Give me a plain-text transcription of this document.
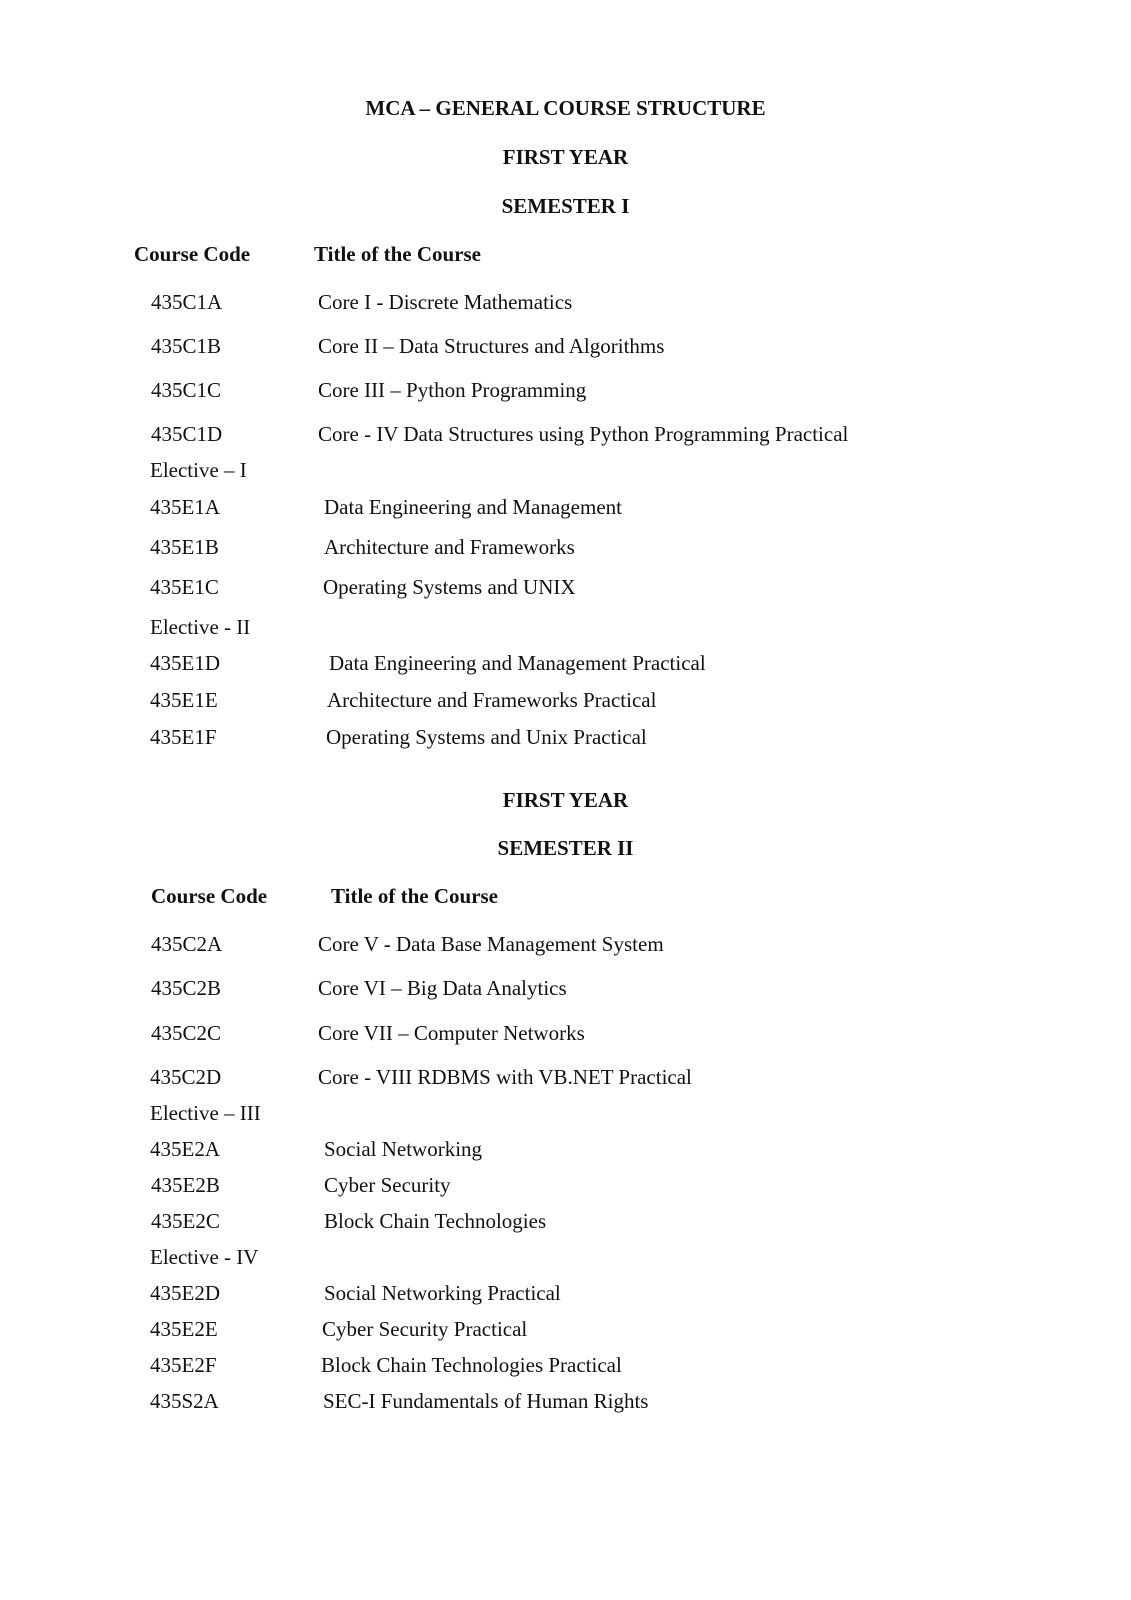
MCA – GENERAL COURSE STRUCTURE
FIRST YEAR
SEMESTER I
Course Code	Title of the Course
435C1A	Core I - Discrete Mathematics
435C1B	Core II – Data Structures and Algorithms
435C1C	Core III – Python Programming
435C1D	Core - IV Data Structures using Python Programming Practical
Elective – I
435E1A	Data Engineering and Management
435E1B	Architecture and Frameworks
435E1C	Operating Systems and UNIX
Elective - II
435E1D	Data Engineering and Management Practical
435E1E	Architecture and Frameworks Practical
435E1F	Operating Systems and Unix Practical
FIRST YEAR
SEMESTER II
Course Code	Title of the Course
435C2A	Core V - Data Base Management System
435C2B	Core VI – Big Data Analytics
435C2C	Core VII – Computer Networks
435C2D	Core - VIII RDBMS with VB.NET Practical
Elective – III
435E2A	Social Networking
435E2B	Cyber Security
435E2C	Block Chain Technologies
Elective - IV
435E2D	Social Networking Practical
435E2E	Cyber Security Practical
435E2F	Block Chain Technologies Practical
435S2A	SEC-I Fundamentals of Human Rights
